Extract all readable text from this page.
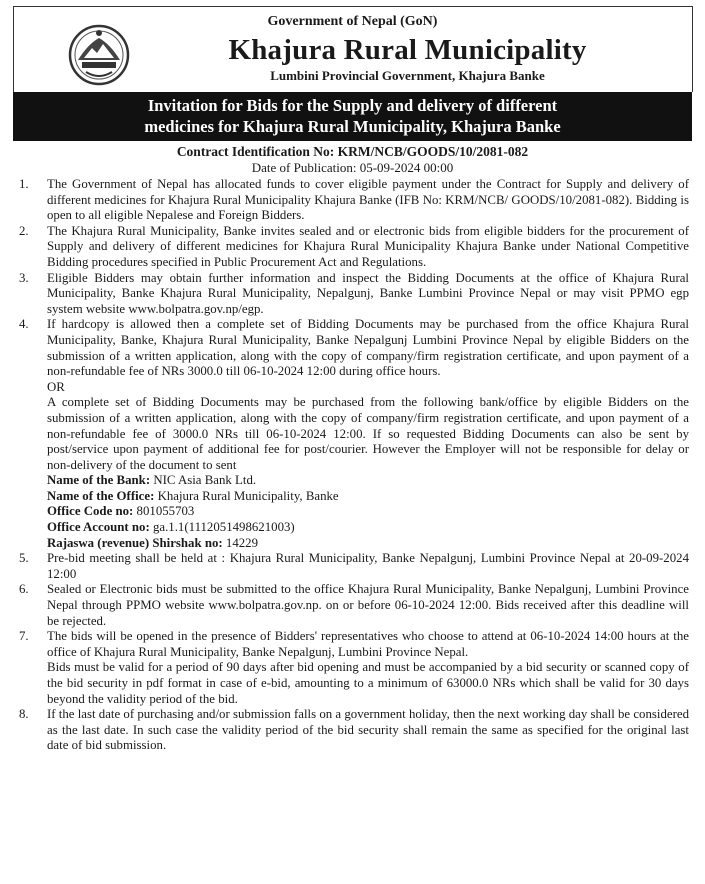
Government of Nepal (GoN)
Khajura Rural Municipality
Lumbini Provincial Government, Khajura Banke
Invitation for Bids for the Supply and delivery of different
medicines for Khajura Rural Municipality, Khajura Banke
Contract Identification No: KRM/NCB/GOODS/10/2081-082
Date of Publication: 05-09-2024 00:00
1. The Government of Nepal has allocated funds to cover eligible payment under the Contract for Supply and delivery of different medicines for Khajura Rural Municipality Khajura Banke (IFB No: KRM/NCB/ GOODS/10/2081-082). Bidding is open to all eligible Nepalese and Foreign Bidders.

2. The Khajura Rural Municipality, Banke invites sealed and or electronic bids from eligible bidders for the procurement of Supply and delivery of different medicines for Khajura Rural Municipality Khajura Banke under National Competitive Bidding procedures specified in Public Procurement Act and Regulations.

3. Eligible Bidders may obtain further information and inspect the Bidding Documents at the office of Khajura Rural Municipality, Banke Khajura Rural Municipality, Nepalgunj, Banke Lumbini Province Nepal or may visit PPMO egp system website www.bolpatra.gov.np/egp.

4. If hardcopy is allowed then a complete set of Bidding Documents may be purchased from the office Khajura Rural Municipality, Banke, Khajura Rural Municipality, Banke Nepalgunj Lumbini Province Nepal by eligible Bidders on the submission of a written application, along with the copy of company/firm registration certificate, and upon payment of a non-refundable fee of NRs 3000.0 till 06-10-2024 12:00 during office hours.

OR

A complete set of Bidding Documents may be purchased from the following bank/office by eligible Bidders on the submission of a written application, along with the copy of company/firm registration certificate, and upon payment of a non-refundable fee of 3000.0 NRs till 06-10-2024 12:00. If so requested Bidding Documents can also be sent by post/service upon payment of additional fee for post/courier. However the Employer will not be responsible for delay or non-delivery of the document to sent

Name of the Bank: NIC Asia Bank Ltd.

Name of the Office: Khajura Rural Municipality, Banke

Office Code no: 801055703

Office Account no: ga.1.1(1112051498621003)

Rajaswa (revenue) Shirshak no: 14229

5. Pre-bid meeting shall be held at : Khajura Rural Municipality, Banke Nepalgunj, Lumbini Province Nepal at 20-09-2024 12:00

6. Sealed or Electronic bids must be submitted to the office Khajura Rural Municipality, Banke Nepalgunj, Lumbini Province Nepal through PPMO website www.bolpatra.gov.np. on or before 06-10-2024 12:00. Bids received after this deadline will be rejected.

7. The bids will be opened in the presence of Bidders' representatives who choose to attend at 06-10-2024 14:00 hours at the office of Khajura Rural Municipality, Banke Nepalgunj, Lumbini Province Nepal.

Bids must be valid for a period of 90 days after bid opening and must be accompanied by a bid security or scanned copy of the bid security in pdf format in case of e-bid, amounting to a minimum of 63000.0 NRs which shall be valid for 30 days beyond the validity period of the bid.

8. If the last date of purchasing and/or submission falls on a government holiday, then the next working day shall be considered as the last date. In such case the validity period of the bid security shall remain the same as specified for the original last date of bid submission.
